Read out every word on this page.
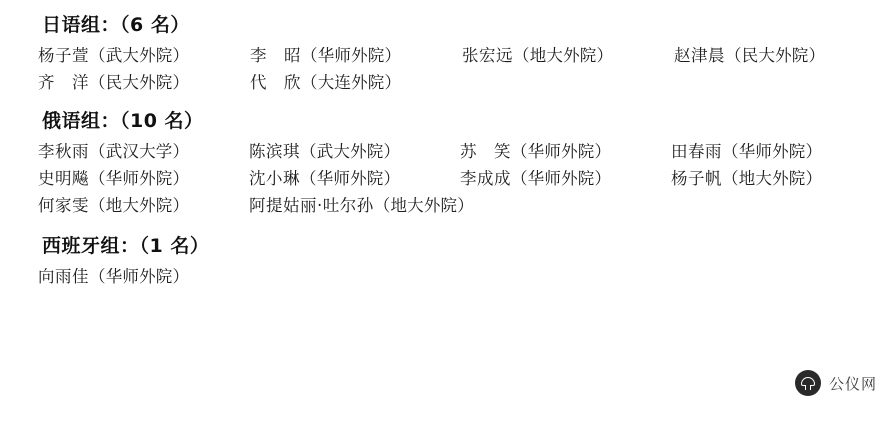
日语组：（6 名）
杨子萱（武大外院）	李　昭（华师外院）	张宏远（地大外院）	赵津晨（民大外院）
齐　洋（民大外院）	代　欣（大连外院）
俄语组：（10 名）
李秋雨（武汉大学）	陈滨琪（武大外院）	苏　笑（华师外院）	田春雨（华师外院）
史明飚（华师外院）	沈小琳（华师外院）	李成成（华师外院）	杨子帆（地大外院）
何家雯（地大外院）	阿提姑丽·吐尔孙（地大外院）
西班牙组：（1 名）
向雨佳（华师外院）
公仪网
